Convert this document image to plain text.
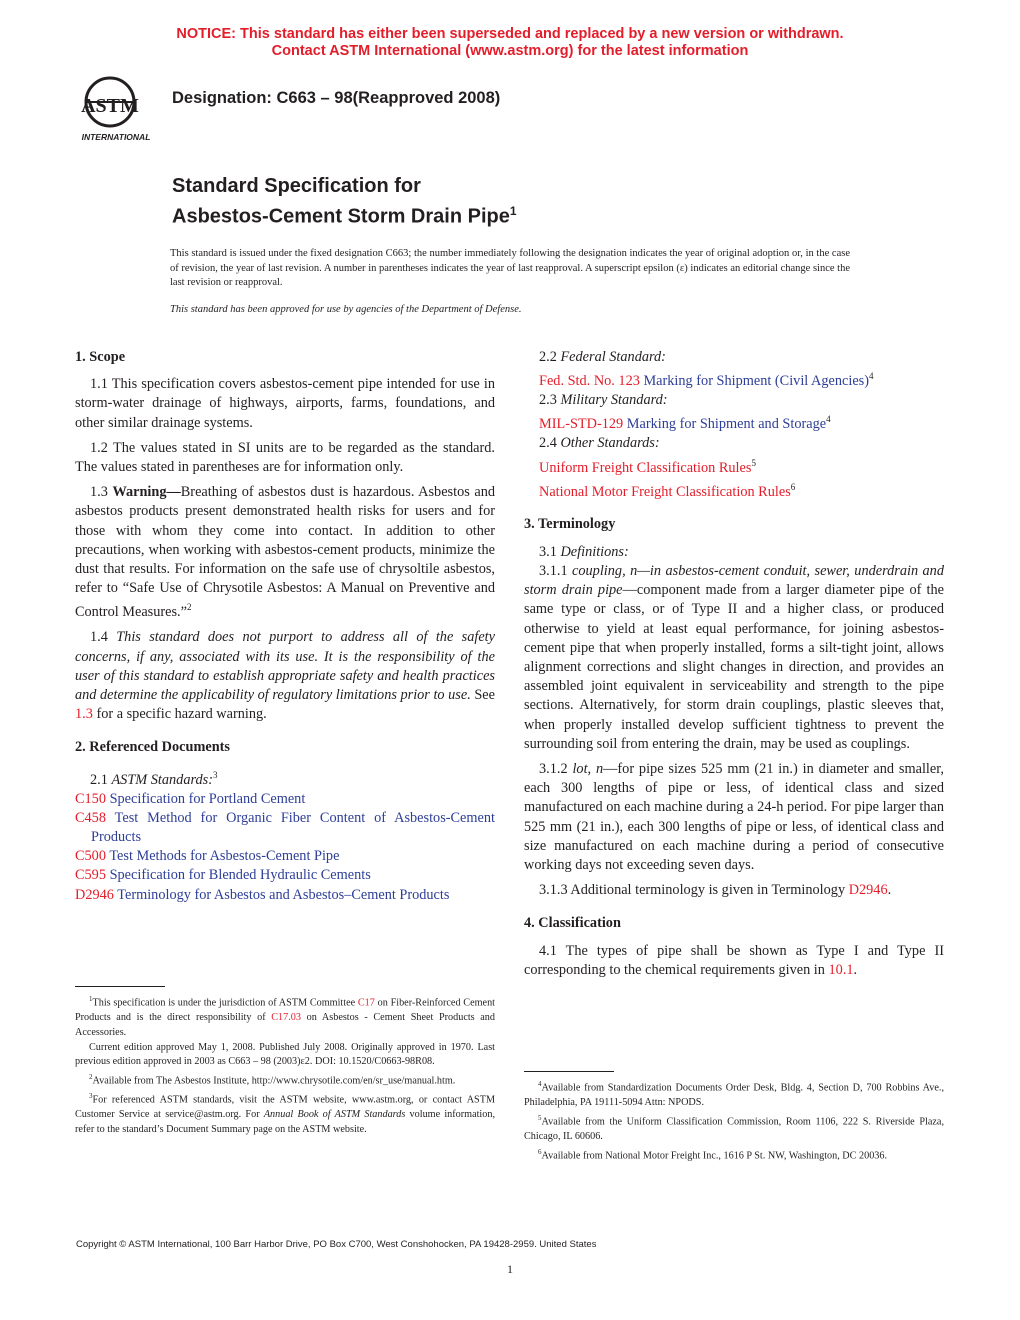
NOTICE: This standard has either been superseded and replaced by a new version or withdrawn.
Contact ASTM International (www.astm.org) for the latest information
ASTM
INTERNATIONAL
Designation: C663 – 98(Reapproved 2008)
Standard Specification for
Asbestos-Cement Storm Drain Pipe$^1$

This standard is issued under the fixed designation C663; the number immediately following the designation indicates the year of original adoption or, in the case of revision, the year of last revision. A number in parentheses indicates the year of last reapproval. A superscript epsilon (ε) indicates an editorial change since the last revision or reapproval.

This standard has been approved for use by agencies of the Department of Defense.

1. Scope

1.1 This specification covers asbestos-cement pipe intended for use in storm-water drainage of highways, airports, farms, foundations, and other similar drainage systems.

1.2 The values stated in SI units are to be regarded as the standard. The values stated in parentheses are for information only.

1.3 Warning—Breathing of asbestos dust is hazardous. Asbestos and asbestos products present demonstrated health risks for users and for those with whom they come into contact. In addition to other precautions, when working with asbestos-cement products, minimize the dust that results. For information on the safe use of chrysoltile asbestos, refer to “Safe Use of Chrysotile Asbestos: A Manual on Preventive and Control Measures.”$^2$

1.4 This standard does not purport to address all of the safety concerns, if any, associated with its use. It is the responsibility of the user of this standard to establish appropriate safety and health practices and determine the applicability of regulatory limitations prior to use. See 1.3 for a specific hazard warning.

2. Referenced Documents

2.1 ASTM Standards:$^3$

C150 Specification for Portland Cement

C458 Test Method for Organic Fiber Content of Asbestos-Cement Products

C500 Test Methods for Asbestos-Cement Pipe

C595 Specification for Blended Hydraulic Cements

D2946 Terminology for Asbestos and Asbestos–Cement Products

$^1$This specification is under the jurisdiction of ASTM Committee C17 on Fiber-Reinforced Cement Products and is the direct responsibility of C17.03 on Asbestos - Cement Sheet Products and Accessories.

Current edition approved May 1, 2008. Published July 2008. Originally approved in 1970. Last previous edition approved in 2003 as C663 – 98 (2003)ε2. DOI: 10.1520/C0663-98R08.

$^2$Available from The Asbestos Institute, http://www.chrysotile.com/en/sr_use/manual.htm.

$^3$For referenced ASTM standards, visit the ASTM website, www.astm.org, or contact ASTM Customer Service at service@astm.org. For Annual Book of ASTM Standards volume information, refer to the standard’s Document Summary page on the ASTM website.

2.2 Federal Standard:

Fed. Std. No. 123 Marking for Shipment (Civil Agencies)$^4$

2.3 Military Standard:

MIL-STD-129 Marking for Shipment and Storage$^4$

2.4 Other Standards:

Uniform Freight Classification Rules$^5$

National Motor Freight Classification Rules$^6$

3. Terminology

3.1 Definitions:

3.1.1 coupling, n—in asbestos-cement conduit, sewer, underdrain and storm drain pipe—component made from a larger diameter pipe of the same type or class, or of Type II and a higher class, or produced otherwise to yield at least equal performance, for joining asbestos-cement pipe that when properly installed, forms a silt-tight joint, allows alignment corrections and slight changes in direction, and provides an assembled joint equivalent in serviceability and strength to the pipe sections. Alternatively, for storm drain couplings, plastic sleeves that, when properly installed develop sufficient tightness to prevent the surrounding soil from entering the drain, may be used as couplings.

3.1.2 lot, n—for pipe sizes 525 mm (21 in.) in diameter and smaller, each 300 lengths of pipe or less, of identical class and sized manufactured on each machine during a 24-h period. For pipe larger than 525 mm (21 in.), each 300 lengths of pipe or less, of identical class and size manufactured on each machine during a period of consecutive working days not exceeding seven days.

3.1.3 Additional terminology is given in Terminology D2946.

4. Classification

4.1 The types of pipe shall be shown as Type I and Type II corresponding to the chemical requirements given in 10.1.

$^4$Available from Standardization Documents Order Desk, Bldg. 4, Section D, 700 Robbins Ave., Philadelphia, PA 19111-5094 Attn: NPODS.

$^5$Available from the Uniform Classification Commission, Room 1106, 222 S. Riverside Plaza, Chicago, IL 60606.

$^6$Available from National Motor Freight Inc., 1616 P St. NW, Washington, DC 20036.

Copyright © ASTM International, 100 Barr Harbor Drive, PO Box C700, West Conshohocken, PA 19428-2959. United States
1
